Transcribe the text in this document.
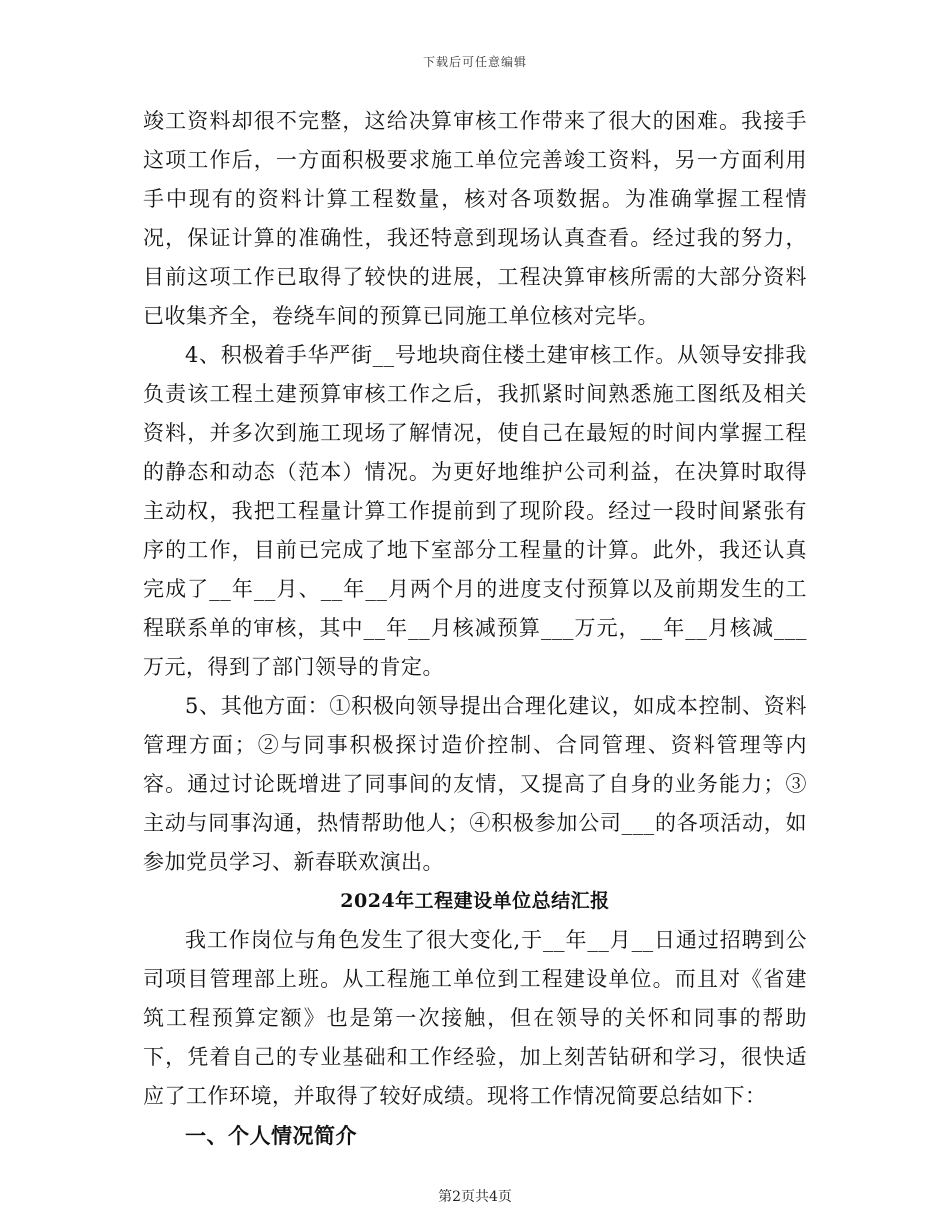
下载后可任意编辑

竣工资料却很不完整，这给决算审核工作带来了很大的困难。我接手这项工作后，一方面积极要求施工单位完善竣工资料，另一方面利用手中现有的资料计算工程数量，核对各项数据。为准确掌握工程情况，保证计算的准确性，我还特意到现场认真查看。经过我的努力，目前这项工作已取得了较快的进展，工程决算审核所需的大部分资料已收集齐全，卷绕车间的预算已同施工单位核对完毕。

4、积极着手华严街__号地块商住楼土建审核工作。从领导安排我负责该工程土建预算审核工作之后，我抓紧时间熟悉施工图纸及相关资料，并多次到施工现场了解情况，使自己在最短的时间内掌握工程的静态和动态（范本）情况。为更好地维护公司利益，在决算时取得主动权，我把工程量计算工作提前到了现阶段。经过一段时间紧张有序的工作，目前已完成了地下室部分工程量的计算。此外，我还认真完成了__年__月、__年__月两个月的进度支付预算以及前期发生的工程联系单的审核，其中__年__月核减预算___万元，__年__月核减___万元，得到了部门领导的肯定。

5、其他方面：①积极向领导提出合理化建议，如成本控制、资料管理方面；②与同事积极探讨造价控制、合同管理、资料管理等内容。通过讨论既增进了同事间的友情，又提高了自身的业务能力；③主动与同事沟通，热情帮助他人；④积极参加公司___的各项活动，如参加党员学习、新春联欢演出。

2024年工程建设单位总结汇报

我工作岗位与角色发生了很大变化,于__年__月__日通过招聘到公司项目管理部上班。从工程施工单位到工程建设单位。而且对《省建筑工程预算定额》也是第一次接触，但在领导的关怀和同事的帮助下，凭着自己的专业基础和工作经验，加上刻苦钻研和学习，很快适应了工作环境，并取得了较好成绩。现将工作情况简要总结如下：

一、个人情况简介

第2页共4页
